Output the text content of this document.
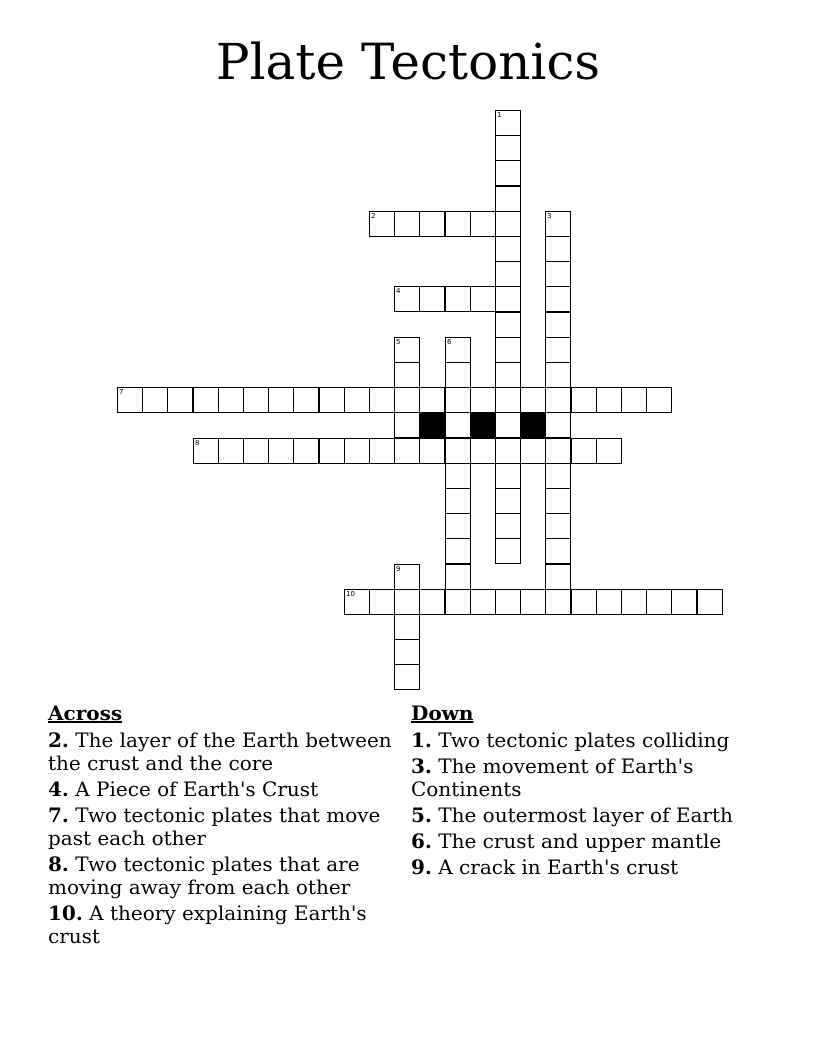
Plate Tectonics
1
2	3
4
5	6
7
8
9
10
Across
2. The layer of the Earth between the crust and the core
4. A Piece of Earth's Crust
7. Two tectonic plates that move past each other
8. Two tectonic plates that are moving away from each other
10. A theory explaining Earth's crust
Down
1. Two tectonic plates colliding
3. The movement of Earth's Continents
5. The outermost layer of Earth
6. The crust and upper mantle
9. A crack in Earth's crust
